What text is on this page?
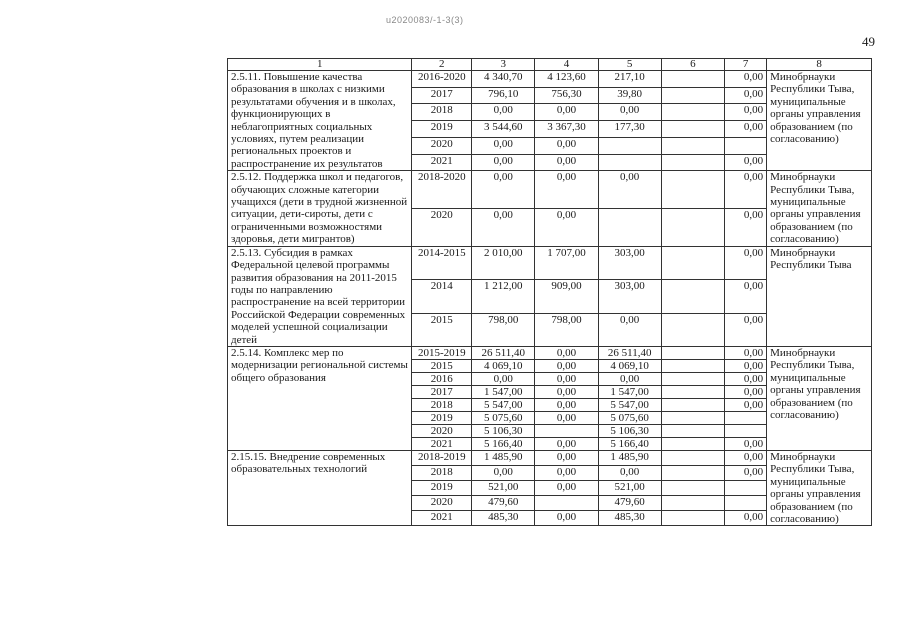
u2020083/-1-3(3)
49
1	2	3	4	5	6	7	8
2.5.11. Повышение качества образования в школах с низкими результатами обучения и в школах, функционирующих в неблагоприятных социальных условиях, путем реализации региональных проектов и распространение их результатов	2016-2020	4 340,70	4 123,60	217,10		0,00	Минобрнауки Республики Тыва, муниципальные органы управления образованием (по согласованию)
	2017	796,10	756,30	39,80		0,00	
	2018	0,00	0,00	0,00		0,00	
	2019	3 544,60	3 367,30	177,30		0,00	
	2020	0,00	0,00				
	2021	0,00	0,00			0,00	
2.5.12. Поддержка школ и педагогов, обучающих сложные категории учащихся (дети в трудной жизненной ситуации, дети-сироты, дети с ограниченными возможностями здоровья, дети мигрантов)	2018-2020	0,00	0,00	0,00		0,00	Минобрнауки Республики Тыва, муниципальные органы управления образованием (по согласованию)
	2020	0,00	0,00			0,00	
2.5.13. Субсидия в рамках Федеральной целевой программы развития образования на 2011-2015 годы по направлению распространение на всей территории Российской Федерации современных моделей успешной социализации детей	2014-2015	2 010,00	1 707,00	303,00		0,00	Минобрнауки Республики Тыва
	2014	1 212,00	909,00	303,00		0,00	
	2015	798,00	798,00	0,00		0,00	
2.5.14. Комплекс мер по модернизации региональной системы общего образования	2015-2019	26 511,40	0,00	26 511,40		0,00	Минобрнауки Республики Тыва, муниципальные органы управления образованием (по согласованию)
	2015	4 069,10	0,00	4 069,10		0,00	
	2016	0,00	0,00	0,00		0,00	
	2017	1 547,00	0,00	1 547,00		0,00	
	2018	5 547,00	0,00	5 547,00		0,00	
	2019	5 075,60	0,00	5 075,60			
	2020	5 106,30		5 106,30			
	2021	5 166,40	0,00	5 166,40		0,00	
2.15.15. Внедрение современных образовательных технологий	2018-2019	1 485,90	0,00	1 485,90		0,00	Минобрнауки Республики Тыва, муниципальные органы управления образованием (по согласованию)
	2018	0,00	0,00	0,00		0,00	
	2019	521,00	0,00	521,00			
	2020	479,60		479,60			
	2021	485,30	0,00	485,30		0,00	
